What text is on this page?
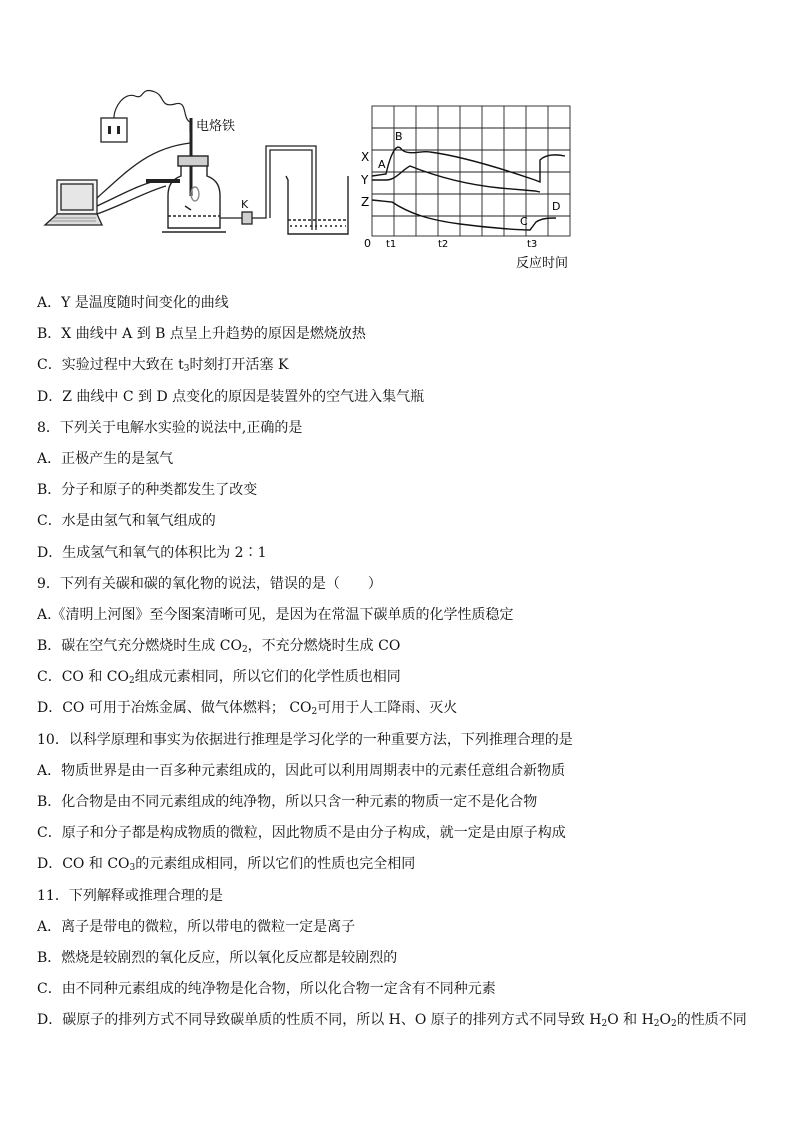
电烙铁
K
X
Y
Z
A
B
C
D
0 t1	t2	t3
反应时间
A．Y 是温度随时间变化的曲线
B．X 曲线中 A 到 B 点呈上升趋势的原因是燃烧放热
C．实验过程中大致在 $t_3$时刻打开活塞 K
D．Z 曲线中 C 到 D 点变化的原因是装置外的空气进入集气瓶
8．下列关于电解水实验的说法中,正确的是
A．正极产生的是氢气
B．分子和原子的种类都发生了改变
C．水是由氢气和氧气组成的
D．生成氢气和氧气的体积比为 2∶1
9．下列有关碳和碳的氧化物的说法，错误的是（　　）
A.《清明上河图》至今图案清晰可见，是因为在常温下碳单质的化学性质稳定
B．碳在空气充分燃烧时生成 $CO_2$，不充分燃烧时生成 CO
C．CO 和 $CO_2$组成元素相同，所以它们的化学性质也相同
D．CO 可用于冶炼金属、做气体燃料； $CO_2$可用于人工降雨、灭火
10．以科学原理和事实为依据进行推理是学习化学的一种重要方法，下列推理合理的是
A．物质世界是由一百多种元素组成的，因此可以利用周期表中的元素任意组合新物质
B．化合物是由不同元素组成的纯净物，所以只含一种元素的物质一定不是化合物
C．原子和分子都是构成物质的微粒，因此物质不是由分子构成，就一定是由原子构成
D．CO 和 $CO_3$的元素组成相同，所以它们的性质也完全相同
11．下列解释或推理合理的是
A．离子是带电的微粒，所以带电的微粒一定是离子
B．燃烧是较剧烈的氧化反应，所以氧化反应都是较剧烈的
C．由不同种元素组成的纯净物是化合物，所以化合物一定含有不同种元素
D．碳原子的排列方式不同导致碳单质的性质不同，所以 H、O 原子的排列方式不同导致 $H_2O$ 和 $H_2O_2$的性质不同
